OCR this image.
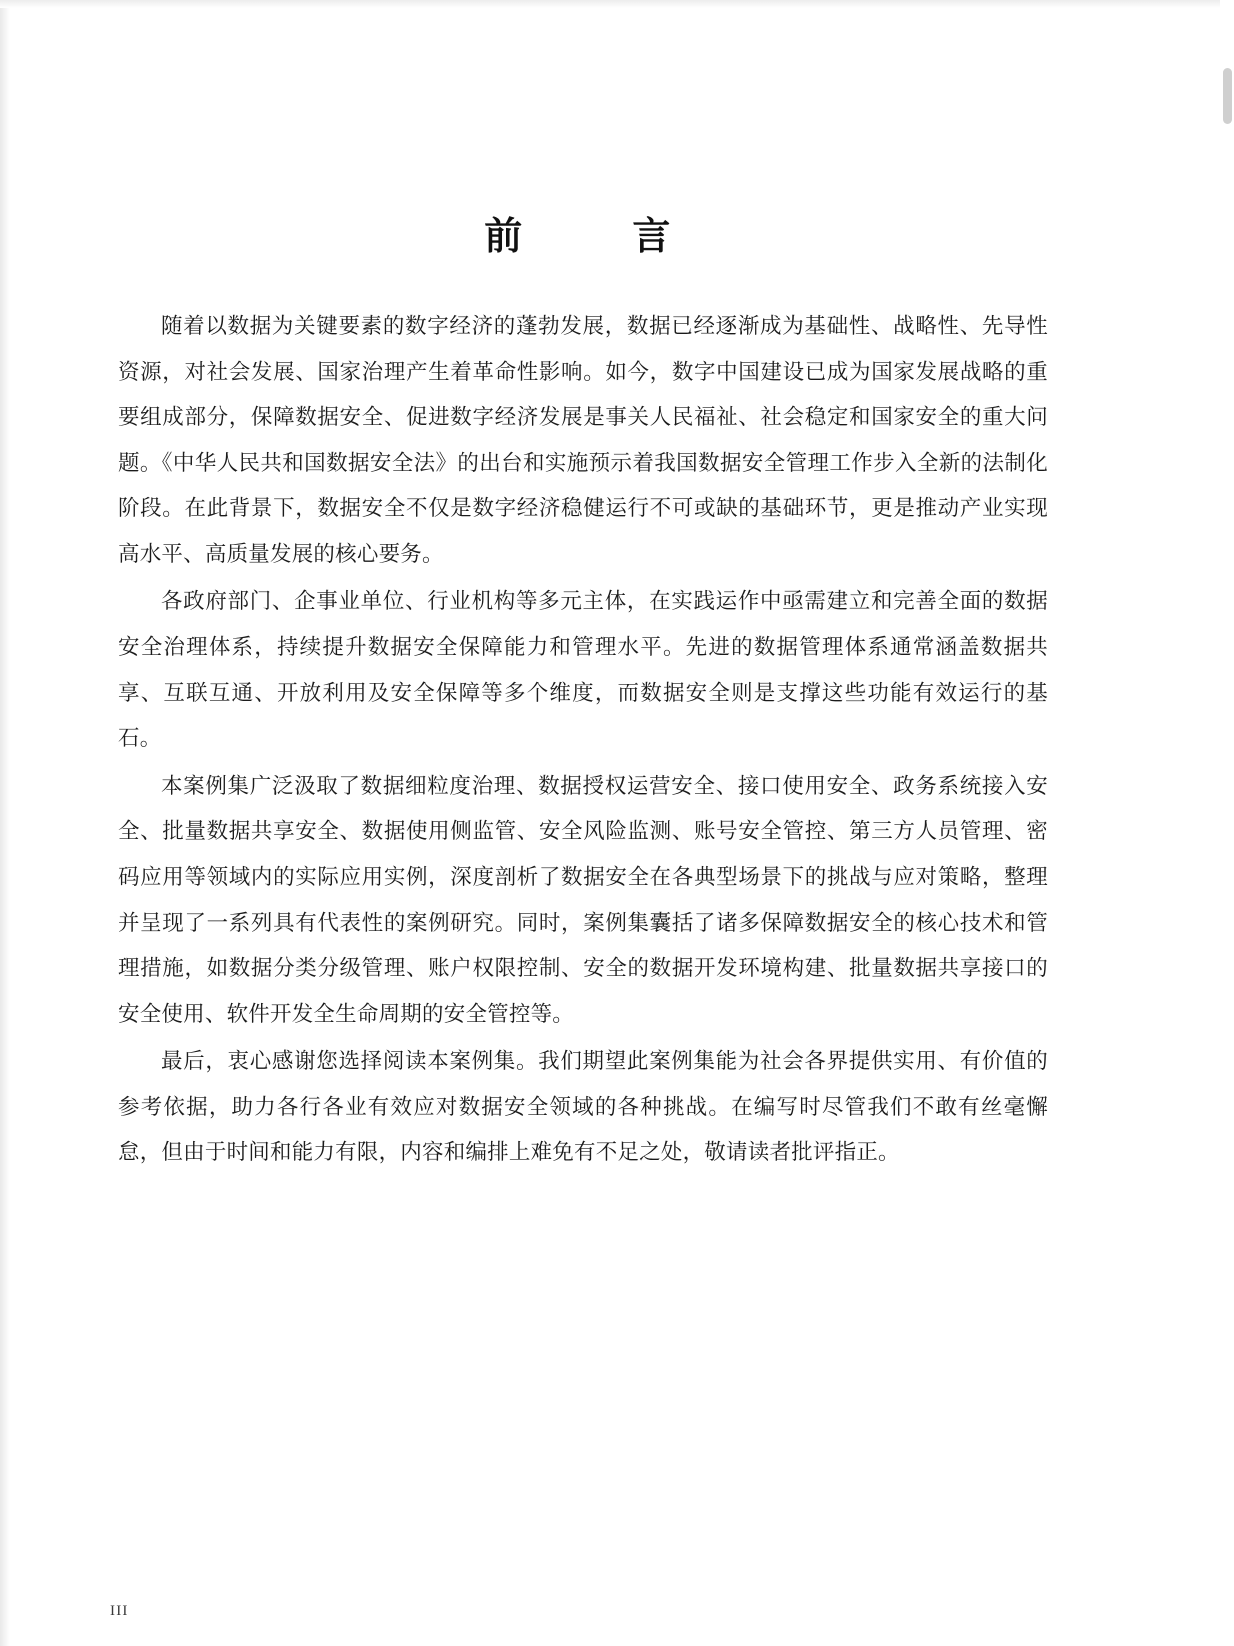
前　　言

随着以数据为关键要素的数字经济的蓬勃发展，数据已经逐渐成为基础性、战略性、先导性资源，对社会发展、国家治理产生着革命性影响。如今，数字中国建设已成为国家发展战略的重要组成部分，保障数据安全、促进数字经济发展是事关人民福祉、社会稳定和国家安全的重大问题。《中华人民共和国数据安全法》的出台和实施预示着我国数据安全管理工作步入全新的法制化阶段。在此背景下，数据安全不仅是数字经济稳健运行不可或缺的基础环节，更是推动产业实现高水平、高质量发展的核心要务。

各政府部门、企事业单位、行业机构等多元主体，在实践运作中亟需建立和完善全面的数据安全治理体系，持续提升数据安全保障能力和管理水平。先进的数据管理体系通常涵盖数据共享、互联互通、开放利用及安全保障等多个维度，而数据安全则是支撑这些功能有效运行的基石。

本案例集广泛汲取了数据细粒度治理、数据授权运营安全、接口使用安全、政务系统接入安全、批量数据共享安全、数据使用侧监管、安全风险监测、账号安全管控、第三方人员管理、密码应用等领域内的实际应用实例，深度剖析了数据安全在各典型场景下的挑战与应对策略，整理并呈现了一系列具有代表性的案例研究。同时，案例集囊括了诸多保障数据安全的核心技术和管理措施，如数据分类分级管理、账户权限控制、安全的数据开发环境构建、批量数据共享接口的安全使用、软件开发全生命周期的安全管控等。

最后，衷心感谢您选择阅读本案例集。我们期望此案例集能为社会各界提供实用、有价值的参考依据，助力各行各业有效应对数据安全领域的各种挑战。在编写时尽管我们不敢有丝毫懈怠，但由于时间和能力有限，内容和编排上难免有不足之处，敬请读者批评指正。

III
